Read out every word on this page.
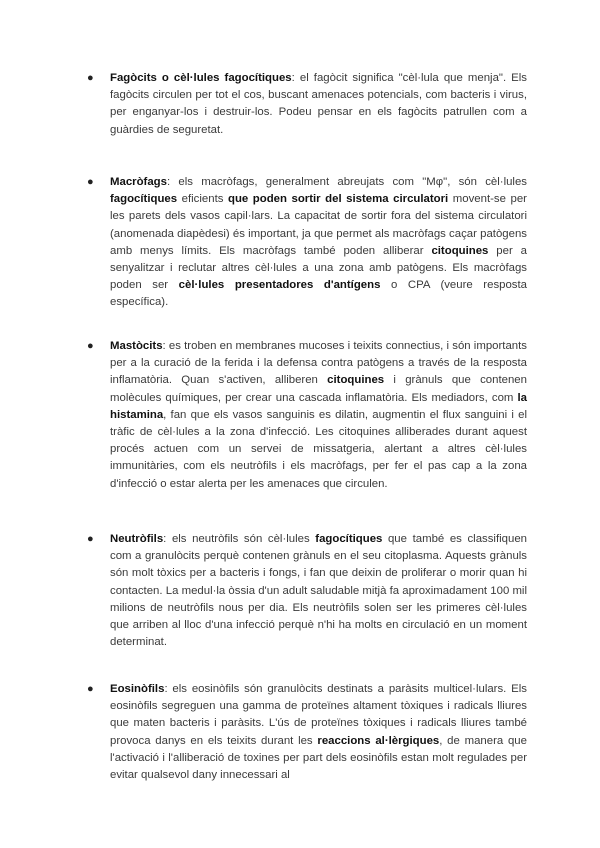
● Fagòcits o cèl·lules fagocítiques: el fagòcit significa "cèl·lula que menja". Els fagòcits circulen per tot el cos, buscant amenaces potencials, com bacteris i virus, per enganyar-los i destruir-los. Podeu pensar en els fagòcits patrullen com a guàrdies de seguretat.
● Macròfags: els macròfags, generalment abreujats com "Mφ", són cèl·lules fagocítiques eficients que poden sortir del sistema circulatori movent-se per les parets dels vasos capil·lars. La capacitat de sortir fora del sistema circulatori (anomenada diapèdesi) és important, ja que permet als macròfags caçar patògens amb menys límits. Els macròfags també poden alliberar citoquines per a senyalitzar i reclutar altres cèl·lules a una zona amb patògens. Els macròfags poden ser cèl·lules presentadores d'antígens o CPA (veure resposta específica).
● Mastòcits: es troben en membranes mucoses i teixits connectius, i són importants per a la curació de la ferida i la defensa contra patògens a través de la resposta inflamatòria. Quan s'activen, alliberen citoquines i grànuls que contenen molècules químiques, per crear una cascada inflamatòria. Els mediadors, com la histamina, fan que els vasos sanguinis es dilatin, augmentin el flux sanguini i el tràfic de cèl·lules a la zona d'infecció. Les citoquines alliberades durant aquest procés actuen com un servei de missatgeria, alertant a altres cèl·lules immunitàries, com els neutròfils i els macròfags, per fer el pas cap a la zona d'infecció o estar alerta per les amenaces que circulen.
● Neutròfils: els neutròfils són cèl·lules fagocítiques que també es classifiquen com a granulòcits perquè contenen grànuls en el seu citoplasma. Aquests grànuls són molt tòxics per a bacteris i fongs, i fan que deixin de proliferar o morir quan hi contacten. La medul·la òssia d'un adult saludable mitjà fa aproximadament 100 mil milions de neutròfils nous per dia. Els neutròfils solen ser les primeres cèl·lules que arriben al lloc d'una infecció perquè n'hi ha molts en circulació en un moment determinat.
● Eosinòfils: els eosinòfils són granulòcits destinats a paràsits multicel·lulars. Els eosinòfils segreguen una gamma de proteïnes altament tòxiques i radicals lliures que maten bacteris i paràsits. L'ús de proteïnes tòxiques i radicals lliures també provoca danys en els teixits durant les reaccions al·lèrgiques, de manera que l'activació i l'alliberació de toxines per part dels eosinòfils estan molt regulades per evitar qualsevol dany innecessari al
